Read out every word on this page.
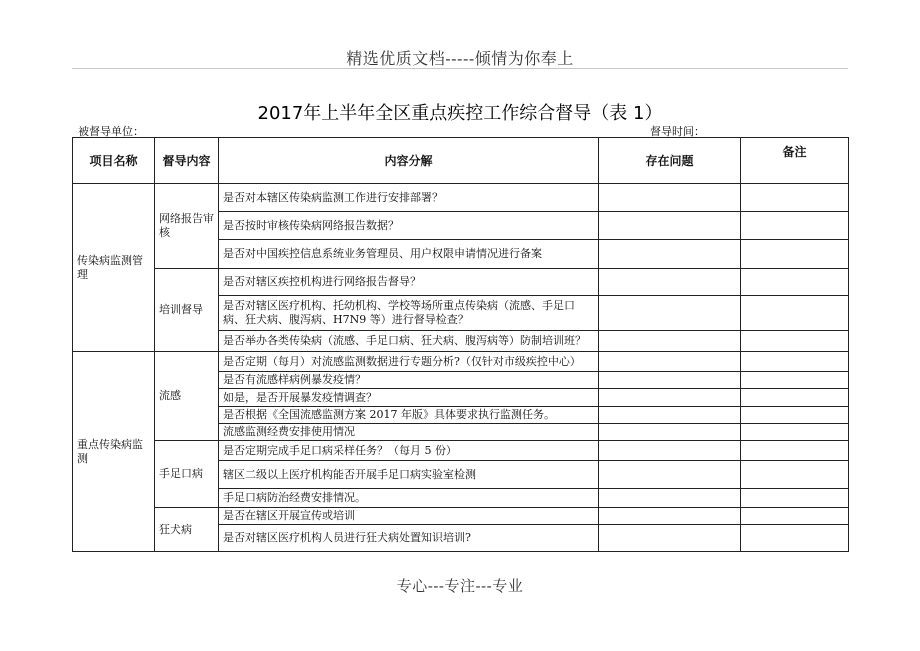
精选优质文档-----倾情为你奉上
2017年上半年全区重点疾控工作综合督导（表 1）
被督导单位：	督导时间：
项目名称	督导内容	内容分解	存在问题	备注
传染病监测管理	网络报告审核	是否对本辖区传染病监测工作进行安排部署？		
		是否按时审核传染病网络报告数据？		
		是否对中国疾控信息系统业务管理员、用户权限申请情况进行备案		
	培训督导	是否对辖区疾控机构进行网络报告督导？		
		是否对辖区医疗机构、托幼机构、学校等场所重点传染病（流感、手足口病、狂犬病、腹泻病、H7N9 等）进行督导检查？		
		是否举办各类传染病（流感、手足口病、狂犬病、腹泻病等）防制培训班？		
重点传染病监测	流感	是否定期（每月）对流感监测数据进行专题分析?（仅针对市级疾控中心）		
		是否有流感样病例暴发疫情？		
		如是，是否开展暴发疫情调查？		
		是否根据《全国流感监测方案 2017 年版》具体要求执行监测任务。		
		流感监测经费安排使用情况		
	手足口病	是否定期完成手足口病采样任务？（每月 5 份）		
		辖区二级以上医疗机构能否开展手足口病实验室检测		
		手足口病防治经费安排情况。		
	狂犬病	是否在辖区开展宣传或培训		
		是否对辖区医疗机构人员进行狂犬病处置知识培训?		
专心---专注---专业
